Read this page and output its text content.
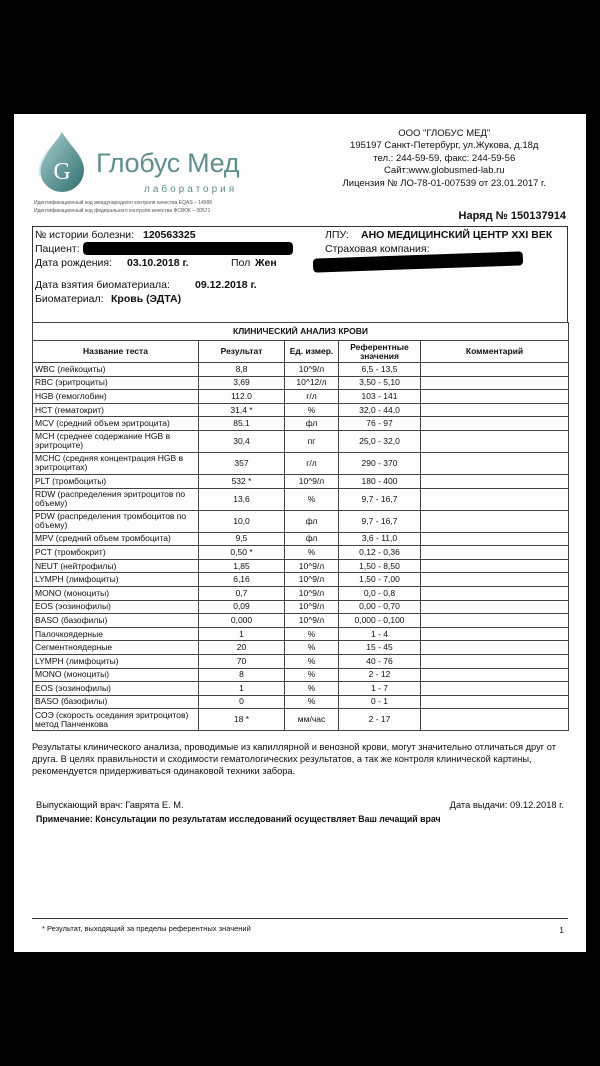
G Глобус Мед
лаборатория
Идентификационный код международного контроля качества EQAS – 14996
Идентификационный код федерального контроля качества ФСВОК – 00571
ООО "ГЛОБУС МЕД"
195197 Санкт-Петербург, ул.Жукова, д.18д
тел.: 244-59-59, факс: 244-59-56
Сайт:www.globusmed-lab.ru
Лицензия № ЛО-78-01-007539 от 23.01.2017 г.
Наряд № 150137914
№ истории болезни: 120563325
Пациент:
Дата рождения: 03.10.2018 г.	Пол Жен
ЛПУ: АНО МЕДИЦИНСКИЙ ЦЕНТР XXI ВЕК
Страховая компания:
Дата взятия биоматериала: 09.12.2018 г.
Биоматериал: Кровь (ЭДТА)
КЛИНИЧЕСКИЙ АНАЛИЗ КРОВИ				
Название теста	Результат	Ед. измер.	Референтные значения	Комментарий
WBC (лейкоциты)	8,8	10^9/л	6,5 - 13,5	
RBC (эритроциты)	3,69	10^12/л	3,50 - 5,10	
HGB (гемоглобин)	112.0	г/л	103 - 141	
HCT (гематокрит)	31,4 *	%	32,0 - 44,0	
MCV (средний объем эритроцита)	85.1	фл	76 - 97	
MCH (среднее содержание HGB в эритроците)	30,4	пг	25,0 - 32,0	
MCHC (средняя концентрация HGB в эритроцитах)	357	г/л	290 - 370	
PLT (тромбоциты)	532 *	10^9/л	180 - 400	
RDW (распределения эритроцитов по объему)	13,6	%	9,7 - 16,7	
PDW (распределения тромбоцитов по объему)	10,0	фл	9,7 - 16,7	
MPV (средний объем тромбоцита)	9,5	фл	3,6 - 11,0	
PCT (тромбокрит)	0,50 *	%	0,12 - 0,36	
NEUT (нейтрофилы)	1,85	10^9/л	1,50 - 8,50	
LYMPH (лимфоциты)	6,16	10^9/л	1,50 - 7,00	
MONO (моноциты)	0,7	10^9/л	0,0 - 0,8	
EOS (эозинофилы)	0,09	10^9/л	0,00 - 0,70	
BASO (базофилы)	0,000	10^9/л	0,000 - 0,100	
Палочкоядерные	1	%	1 - 4	
Сегментноядерные	20	%	15 - 45	
LYMPH (лимфоциты)	70	%	40 - 76	
MONO (моноциты)	8	%	2 - 12	
EOS (эозинофилы)	1	%	1 - 7	
BASO (базофилы)	0	%	0 - 1	
СОЭ (скорость оседания эритроцитов) метод Панченкова	18 *	мм/час	2 - 17	
Результаты клинического анализа, проводимые из капиллярной и венозной крови, могут значительно отличаться друг от друга. В целях правильности и сходимости гематологических результатов, а так же контроля клинической картины, рекомендуется придерживаться одинаковой техники забора.
Выпускающий врач: Гаврята Е. М.	Дата выдачи: 09.12.2018 г.
Примечание: Консультации по результатам исследований осуществляет Ваш лечащий врач
* Результат, выходящий за пределы референтных значений	1
